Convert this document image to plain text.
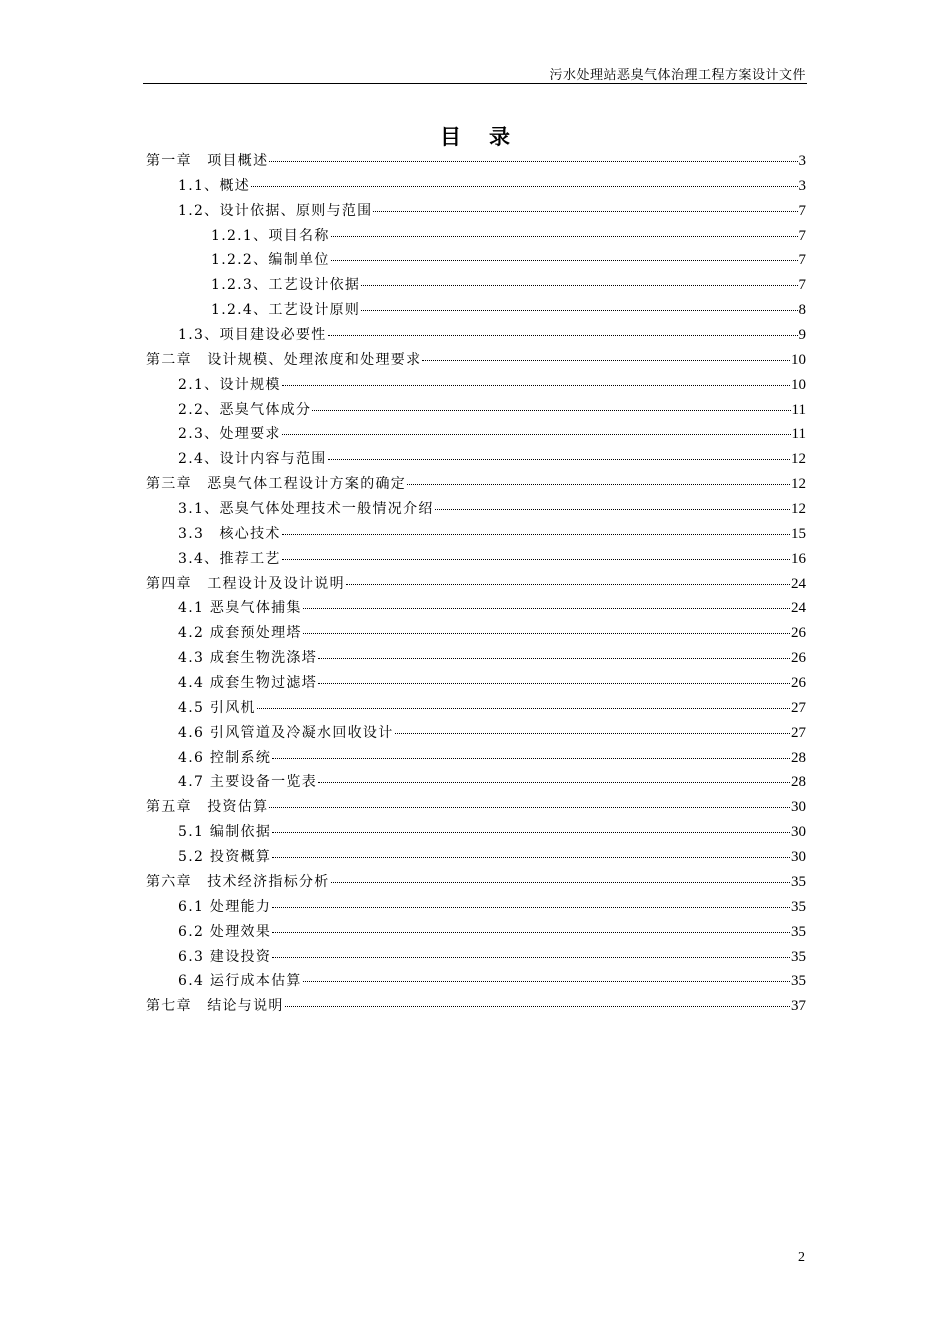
污水处理站恶臭气体治理工程方案设计文件
目录
第一章　项目概述	3
1.1、概述	3
1.2、设计依据、原则与范围	7
1.2.1、项目名称	7
1.2.2、编制单位	7
1.2.3、工艺设计依据	7
1.2.4、工艺设计原则	8
1.3、项目建设必要性	9
第二章　设计规模、处理浓度和处理要求	10
2.1、设计规模	10
2.2、恶臭气体成分	11
2.3、处理要求	11
2.4、设计内容与范围	12
第三章　恶臭气体工程设计方案的确定	12
3.1、恶臭气体处理技术一般情况介绍	12
3.3　核心技术	15
3.4、推荐工艺	16
第四章　工程设计及设计说明	24
4.1 恶臭气体捕集	24
4.2 成套预处理塔	26
4.3 成套生物洗涤塔	26
4.4 成套生物过滤塔	26
4.5 引风机	27
4.6 引风管道及冷凝水回收设计	27
4.6 控制系统	28
4.7 主要设备一览表	28
第五章　投资估算	30
5.1 编制依据	30
5.2 投资概算	30
第六章　技术经济指标分析	35
6.1 处理能力	35
6.2 处理效果	35
6.3 建设投资	35
6.4 运行成本估算	35
第七章　结论与说明	37
2
